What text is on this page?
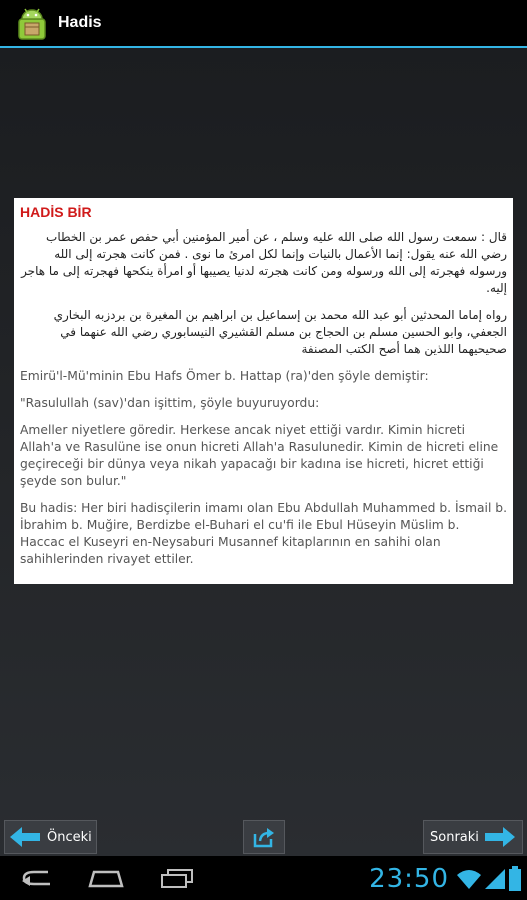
Hadis
HADİS BİR
قال : سمعت رسول الله صلى الله عليه وسلم ، عن أمير المؤمنين أبي حفص عمر بن الخطاب رضي الله عنه يقول: إنما الأعمال بالنيات وإنما لكل امرئ ما نوى . فمن كانت هجرته إلى الله ورسوله فهجرته إلى الله ورسوله ومن كانت هجرته لدنيا يصيبها أو امرأة ينكحها فهجرته إلى ما هاجر إليه.
رواه إماما المحدثين أبو عبد الله محمد بن إسماعيل بن ابراهيم بن المغيرة بن بردزبه البخاري الجعفي، وابو الحسين مسلم بن الحجاج بن مسلم القشيري النيسابوري رضي الله عنهما في صحيحيهما اللذين هما أصح الكتب المصنفة
Emirü'l-Mü'minin Ebu Hafs Ömer b. Hattap (ra)'den şöyle demiştir:
"Rasulullah (sav)'dan işittim, şöyle buyuruyordu:
Ameller niyetlere göredir. Herkese ancak niyet ettiği vardır. Kimin hicreti Allah'a ve Rasulüne ise onun hicreti Allah'a Rasulunedir. Kimin de hicreti eline geçireceği bir dünya veya nikah yapacağı bir kadına ise hicreti, hicret ettiği şeyde son bulur."
Bu hadis: Her biri hadisçilerin imamı olan Ebu Abdullah Muhammed b. İsmail b. İbrahim b. Muğire, Berdizbe el-Buhari el cu'fi ile Ebul Hüseyin Müslim b. Haccac el Kuseyri en-Neysaburi Musannef kitaplarının en sahihi olan sahihlerinden rivayet ettiler.
Önceki	Sonraki
23:50
